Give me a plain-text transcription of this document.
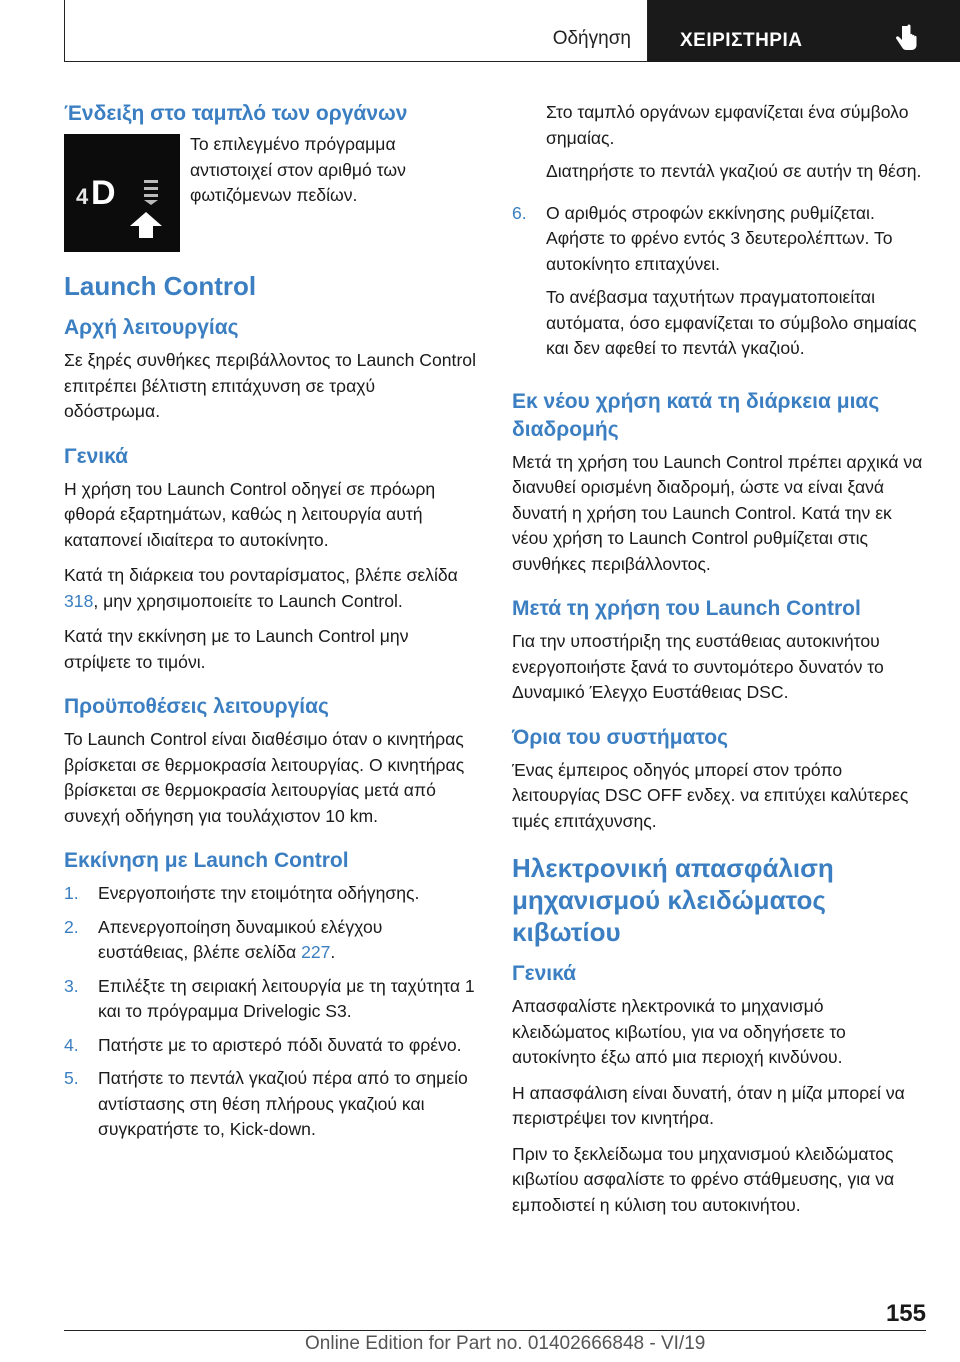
Οδήγηση	ΧΕΙΡΙΣΤΗΡΙΑ
Ένδειξη στο ταμπλό των οργάνων
4 D

Το επιλεγμένο πρόγραμμα αντιστοιχεί στον αριθμό των φωτιζόμενων πεδίων.

Launch Control
Αρχή λειτουργίας

Σε ξηρές συνθήκες περιβάλλοντος το Launch Control επιτρέπει βέλτιστη επιτάχυνση σε τραχύ οδόστρωμα.

Γενικά

Η χρήση του Launch Control οδηγεί σε πρόωρη φθορά εξαρτημάτων, καθώς η λειτουργία αυτή καταπονεί ιδιαίτερα το αυτοκίνητο.

Κατά τη διάρκεια του ρονταρίσματος, βλέπε σελίδα 318, μην χρησιμοποιείτε το Launch Control.

Κατά την εκκίνηση με το Launch Control μην στρίψετε το τιμόνι.

Προϋποθέσεις λειτουργίας

Το Launch Control είναι διαθέσιμο όταν ο κινητήρας βρίσκεται σε θερμοκρασία λειτουργίας. Ο κινητήρας βρίσκεται σε θερμοκρασία λειτουργίας μετά από συνεχή οδήγηση για τουλάχιστον 10 km.

Εκκίνηση με Launch Control
1.	Ενεργοποιήστε την ετοιμότητα οδήγησης.
2.	Απενεργοποίηση δυναμικού ελέγχου ευστάθειας, βλέπε σελίδα 227.
3.	Επιλέξτε τη σειριακή λειτουργία με τη ταχύτητα 1 και το πρόγραμμα Drivelogic S3.
4.	Πατήστε με το αριστερό πόδι δυνατά το φρένο.
5.	Πατήστε το πεντάλ γκαζιού πέρα από το σημείο αντίστασης στη θέση πλήρους γκαζιού και συγκρατήστε το, Kick-down.

Στο ταμπλό οργάνων εμφανίζεται ένα σύμβολο σημαίας.

Διατηρήστε το πεντάλ γκαζιού σε αυτήν τη θέση.

6.	Ο αριθμός στροφών εκκίνησης ρυθμίζεται. Αφήστε το φρένο εντός 3 δευτερολέπτων. Το αυτοκίνητο επιταχύνει.

Το ανέβασμα ταχυτήτων πραγματοποιείται αυτόματα, όσο εμφανίζεται το σύμβολο σημαίας και δεν αφεθεί το πεντάλ γκαζιού.

Εκ νέου χρήση κατά τη διάρκεια μιας διαδρομής

Μετά τη χρήση του Launch Control πρέπει αρχικά να διανυθεί ορισμένη διαδρομή, ώστε να είναι ξανά δυνατή η χρήση του Launch Control. Κατά την εκ νέου χρήση το Launch Control ρυθμίζεται στις συνθήκες περιβάλλοντος.

Μετά τη χρήση του Launch Control

Για την υποστήριξη της ευστάθειας αυτοκινήτου ενεργοποιήστε ξανά το συντομότερο δυνατόν το Δυναμικό Έλεγχο Ευστάθειας DSC.

Όρια του συστήματος

Ένας έμπειρος οδηγός μπορεί στον τρόπο λειτουργίας DSC OFF ενδεχ. να επιτύχει καλύτερες τιμές επιτάχυνσης.

Ηλεκτρονική απασφάλιση μηχανισμού κλειδώματος κιβωτίου
Γενικά

Απασφαλίστε ηλεκτρονικά το μηχανισμό κλειδώματος κιβωτίου, για να οδηγήσετε το αυτοκίνητο έξω από μια περιοχή κινδύνου.

Η απασφάλιση είναι δυνατή, όταν η μίζα μπορεί να περιστρέψει τον κινητήρα.

Πριν το ξεκλείδωμα του μηχανισμού κλειδώματος κιβωτίου ασφαλίστε το φρένο στάθμευσης, για να εμποδιστεί η κύλιση του αυτοκινήτου.

155
Online Edition for Part no. 01402666848 - VI/19
